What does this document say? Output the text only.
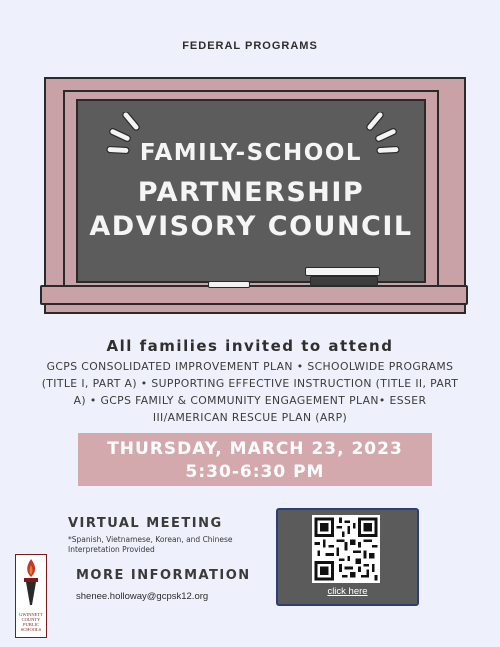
FEDERAL PROGRAMS
FAMILY-SCHOOL
PARTNERSHIP
ADVISORY COUNCIL
All families invited to attend
GCPS CONSOLIDATED IMPROVEMENT PLAN • SCHOOLWIDE PROGRAMS
(TITLE I, PART A) • SUPPORTING EFFECTIVE INSTRUCTION (TITLE II, PART
A) • GCPS FAMILY & COMMUNITY ENGAGEMENT PLAN• ESSER
III/AMERICAN RESCUE PLAN (ARP)
THURSDAY, MARCH 23, 2023
5:30-6:30 PM
VIRTUAL MEETING
*Spanish, Vietnamese, Korean, and Chinese Interpretation Provided
MORE INFORMATION
shenee.holloway@gcpsk12.org
GWINNETT
COUNTY
PUBLIC
SCHOOLS
click here
